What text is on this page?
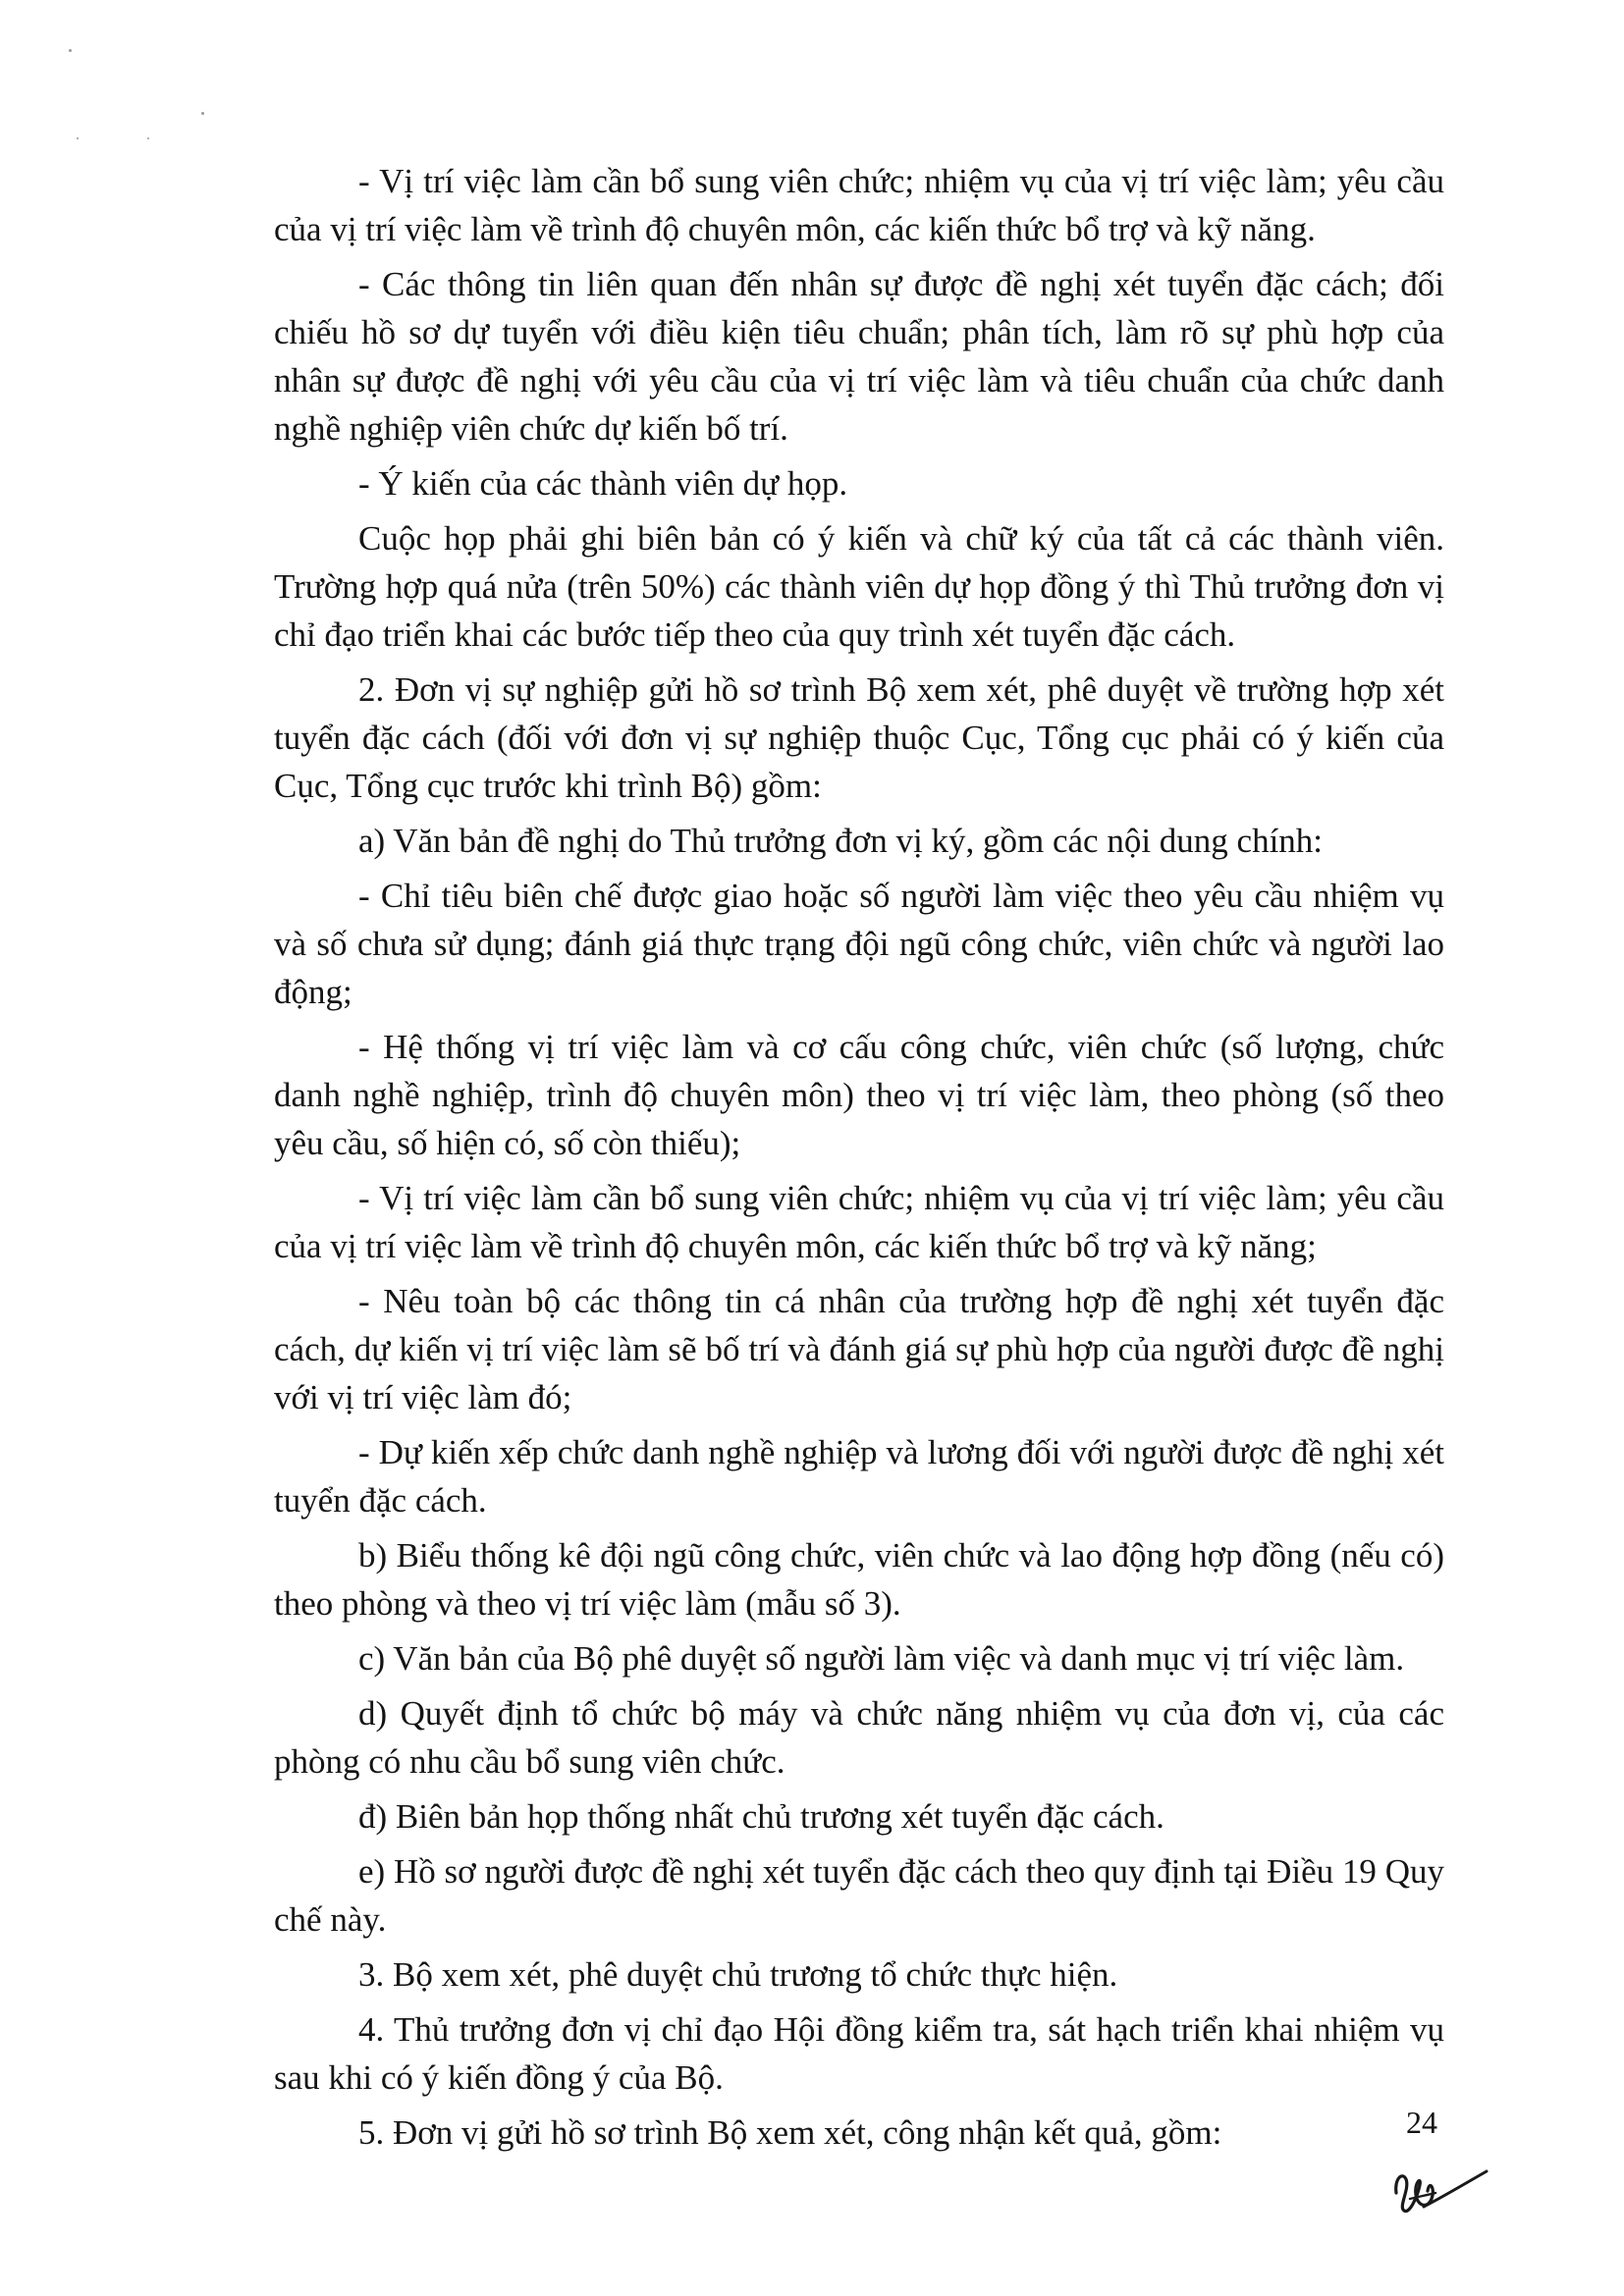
- Vị trí việc làm cần bổ sung viên chức; nhiệm vụ của vị trí việc làm; yêu cầu của vị trí việc làm về trình độ chuyên môn, các kiến thức bổ trợ và kỹ năng.

- Các thông tin liên quan đến nhân sự được đề nghị xét tuyển đặc cách; đối chiếu hồ sơ dự tuyển với điều kiện tiêu chuẩn; phân tích, làm rõ sự phù hợp của nhân sự được đề nghị với yêu cầu của vị trí việc làm và tiêu chuẩn của chức danh nghề nghiệp viên chức dự kiến bố trí.

- Ý kiến của các thành viên dự họp.

Cuộc họp phải ghi biên bản có ý kiến và chữ ký của tất cả các thành viên. Trường hợp quá nửa (trên 50%) các thành viên dự họp đồng ý thì Thủ trưởng đơn vị chỉ đạo triển khai các bước tiếp theo của quy trình xét tuyển đặc cách.

2. Đơn vị sự nghiệp gửi hồ sơ trình Bộ xem xét, phê duyệt về trường hợp xét tuyển đặc cách (đối với đơn vị sự nghiệp thuộc Cục, Tổng cục phải có ý kiến của Cục, Tổng cục trước khi trình Bộ) gồm:

a) Văn bản đề nghị do Thủ trưởng đơn vị ký, gồm các nội dung chính:

- Chỉ tiêu biên chế được giao hoặc số người làm việc theo yêu cầu nhiệm vụ và số chưa sử dụng; đánh giá thực trạng đội ngũ công chức, viên chức và người lao động;

- Hệ thống vị trí việc làm và cơ cấu công chức, viên chức (số lượng, chức danh nghề nghiệp, trình độ chuyên môn) theo vị trí việc làm, theo phòng (số theo yêu cầu, số hiện có, số còn thiếu);

- Vị trí việc làm cần bổ sung viên chức; nhiệm vụ của vị trí việc làm; yêu cầu của vị trí việc làm về trình độ chuyên môn, các kiến thức bổ trợ và kỹ năng;

- Nêu toàn bộ các thông tin cá nhân của trường hợp đề nghị xét tuyển đặc cách, dự kiến vị trí việc làm sẽ bố trí và đánh giá sự phù hợp của người được đề nghị với vị trí việc làm đó;

- Dự kiến xếp chức danh nghề nghiệp và lương đối với người được đề nghị xét tuyển đặc cách.

b) Biểu thống kê đội ngũ công chức, viên chức và lao động hợp đồng (nếu có) theo phòng và theo vị trí việc làm (mẫu số 3).

c) Văn bản của Bộ phê duyệt số người làm việc và danh mục vị trí việc làm.

d) Quyết định tổ chức bộ máy và chức năng nhiệm vụ của đơn vị, của các phòng có nhu cầu bổ sung viên chức.

đ) Biên bản họp thống nhất chủ trương xét tuyển đặc cách.

e) Hồ sơ người được đề nghị xét tuyển đặc cách theo quy định tại Điều 19 Quy chế này.

3. Bộ xem xét, phê duyệt chủ trương tổ chức thực hiện.

4. Thủ trưởng đơn vị chỉ đạo Hội đồng kiểm tra, sát hạch triển khai nhiệm vụ sau khi có ý kiến đồng ý của Bộ.

5. Đơn vị gửi hồ sơ trình Bộ xem xét, công nhận kết quả, gồm:	24
